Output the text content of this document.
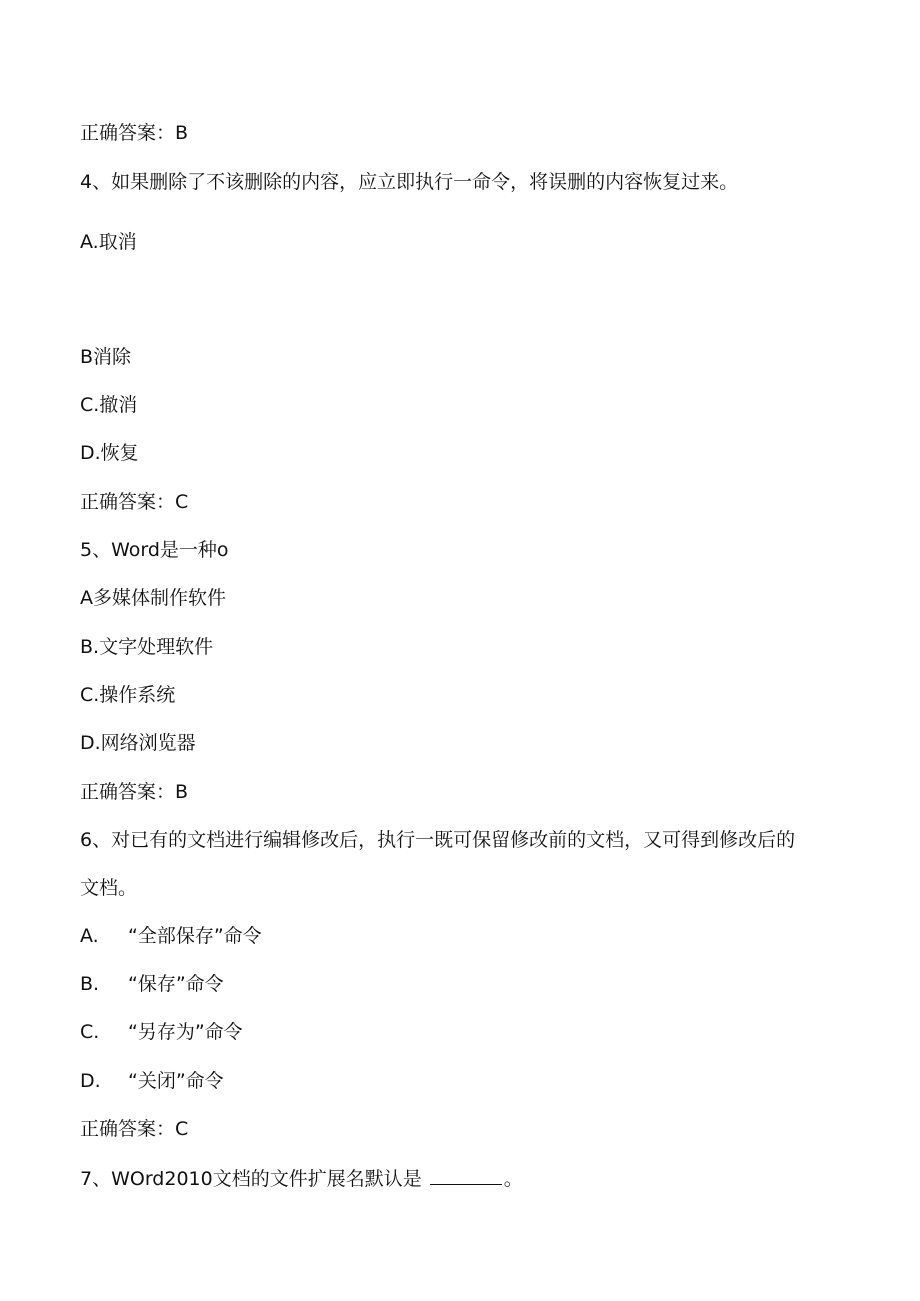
正确答案：B
4、如果删除了不该删除的内容，应立即执行一命令，将误删的内容恢复过来。
A.取消
B消除
C.撤消
D.恢复
正确答案：C
5、Word是一种o
A多媒体制作软件
B.文字处理软件
C.操作系统
D.网络浏览器
正确答案：B
6、对已有的文档进行编辑修改后，执行一既可保留修改前的文档，又可得到修改后的
文档。
A. “全部保存”命令
B. “保存”命令
C. “另存为”命令
D. “关闭”命令
正确答案：C
7、WOrd2010文档的文件扩展名默认是	。
